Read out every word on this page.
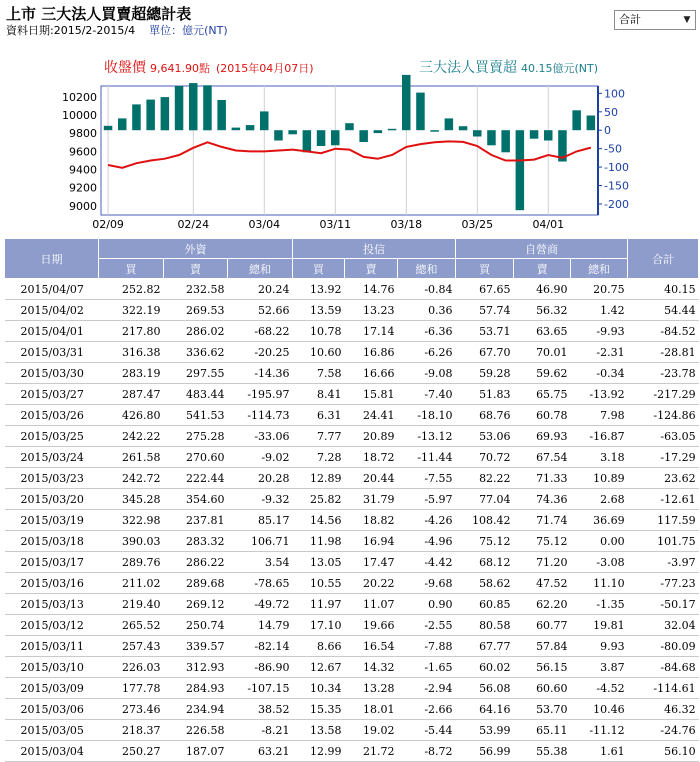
上市 三大法人買賣超總計表
資料日期:2015/2-2015/4 單位：億元(NT)
合計	▼
9000
9200
9400
9600
9800
10000
10200	100
50
0
-50
-100
-150
-200
02/09	02/24	03/04	03/11	03/18	03/25	04/01
收盤價 9,641.90點 (2015年04月07日)	三大法人買賣超 40.15億元(NT)
日期	外資			投信			自營商			合計
	買	賣	總和	買	賣	總和	買	賣	總和	
2015/04/07	252.82	232.58	20.24	13.92	14.76	-0.84	67.65	46.90	20.75	40.15
2015/04/02	322.19	269.53	52.66	13.59	13.23	0.36	57.74	56.32	1.42	54.44
2015/04/01	217.80	286.02	-68.22	10.78	17.14	-6.36	53.71	63.65	-9.93	-84.52
2015/03/31	316.38	336.62	-20.25	10.60	16.86	-6.26	67.70	70.01	-2.31	-28.81
2015/03/30	283.19	297.55	-14.36	7.58	16.66	-9.08	59.28	59.62	-0.34	-23.78
2015/03/27	287.47	483.44	-195.97	8.41	15.81	-7.40	51.83	65.75	-13.92	-217.29
2015/03/26	426.80	541.53	-114.73	6.31	24.41	-18.10	68.76	60.78	7.98	-124.86
2015/03/25	242.22	275.28	-33.06	7.77	20.89	-13.12	53.06	69.93	-16.87	-63.05
2015/03/24	261.58	270.60	-9.02	7.28	18.72	-11.44	70.72	67.54	3.18	-17.29
2015/03/23	242.72	222.44	20.28	12.89	20.44	-7.55	82.22	71.33	10.89	23.62
2015/03/20	345.28	354.60	-9.32	25.82	31.79	-5.97	77.04	74.36	2.68	-12.61
2015/03/19	322.98	237.81	85.17	14.56	18.82	-4.26	108.42	71.74	36.69	117.59
2015/03/18	390.03	283.32	106.71	11.98	16.94	-4.96	75.12	75.12	0.00	101.75
2015/03/17	289.76	286.22	3.54	13.05	17.47	-4.42	68.12	71.20	-3.08	-3.97
2015/03/16	211.02	289.68	-78.65	10.55	20.22	-9.68	58.62	47.52	11.10	-77.23
2015/03/13	219.40	269.12	-49.72	11.97	11.07	0.90	60.85	62.20	-1.35	-50.17
2015/03/12	265.52	250.74	14.79	17.10	19.66	-2.55	80.58	60.77	19.81	32.04
2015/03/11	257.43	339.57	-82.14	8.66	16.54	-7.88	67.77	57.84	9.93	-80.09
2015/03/10	226.03	312.93	-86.90	12.67	14.32	-1.65	60.02	56.15	3.87	-84.68
2015/03/09	177.78	284.93	-107.15	10.34	13.28	-2.94	56.08	60.60	-4.52	-114.61
2015/03/06	273.46	234.94	38.52	15.35	18.01	-2.66	64.16	53.70	10.46	46.32
2015/03/05	218.37	226.58	-8.21	13.58	19.02	-5.44	53.99	65.11	-11.12	-24.76
2015/03/04	250.27	187.07	63.21	12.99	21.72	-8.72	56.99	55.38	1.61	56.10
